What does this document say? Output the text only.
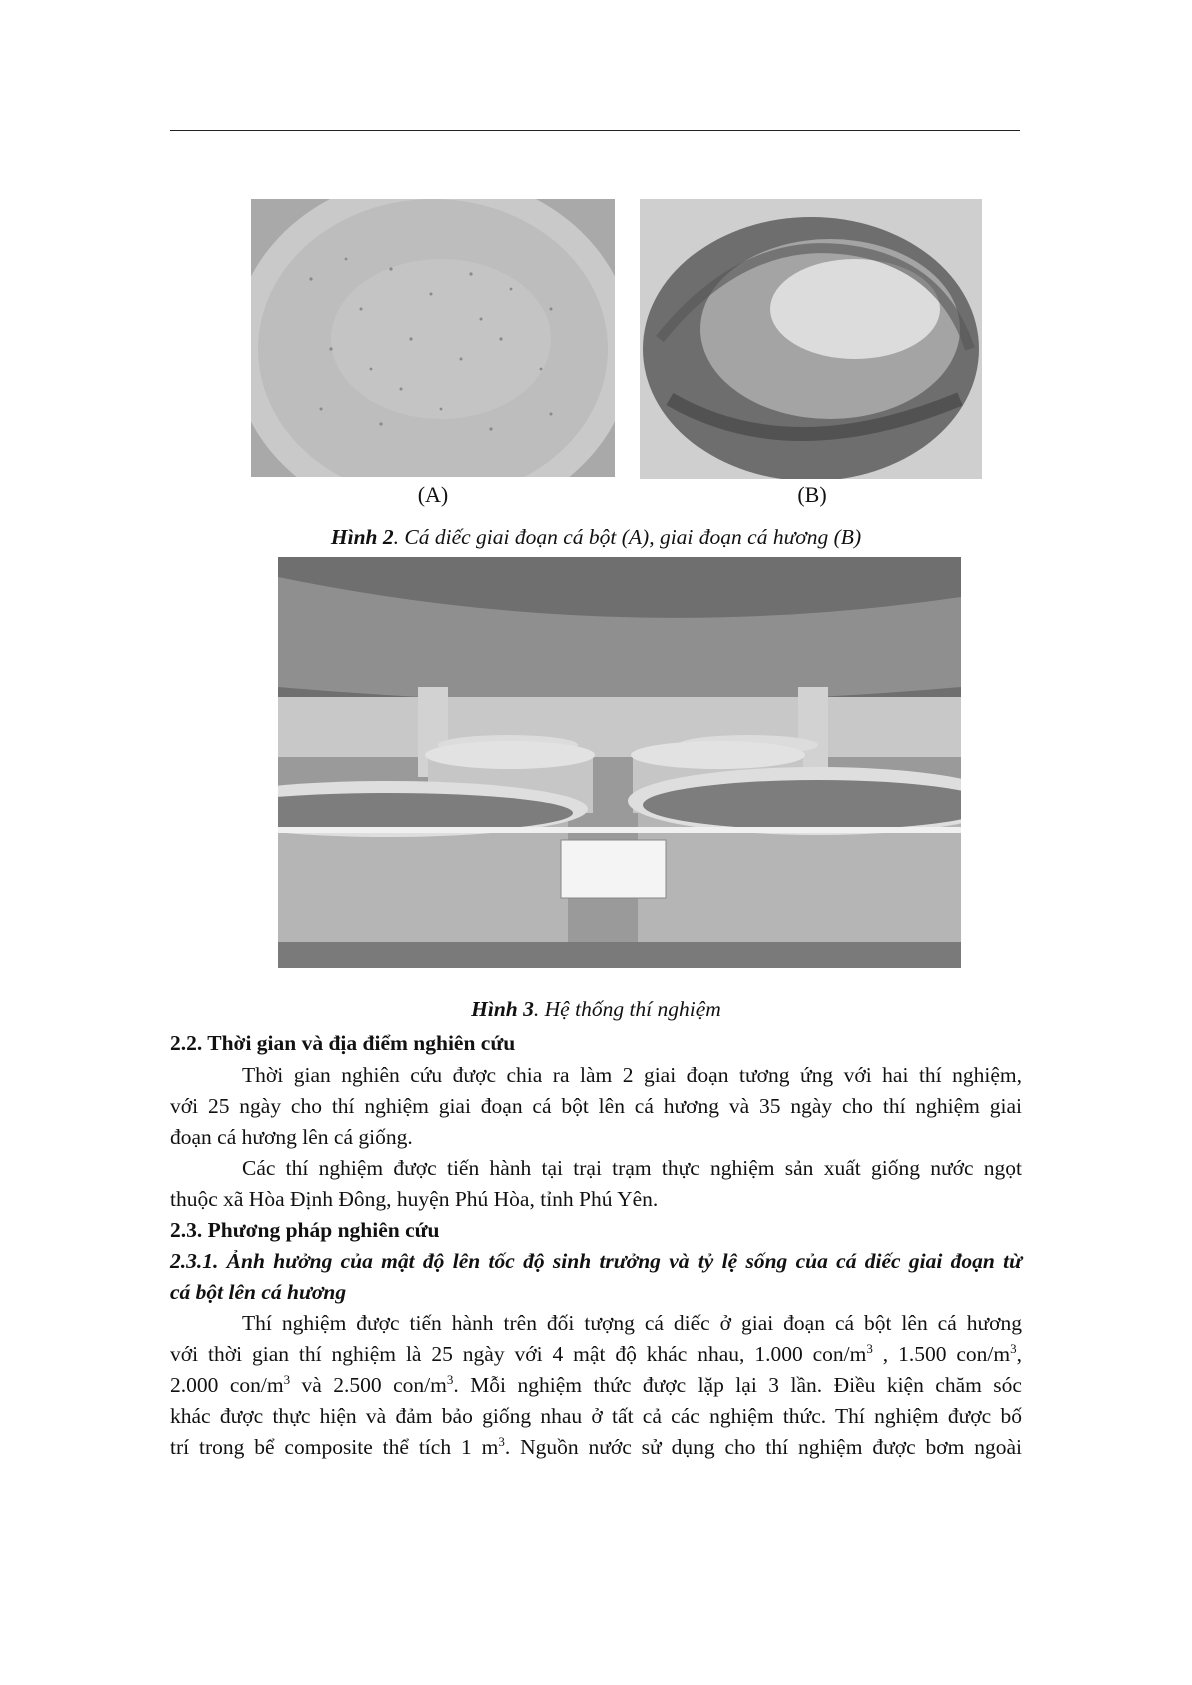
(A)	(B)
Hình 2. Cá diếc giai đoạn cá bột (A), giai đoạn cá hương (B)
Hình 3. Hệ thống thí nghiệm
2.2. Thời gian và địa điểm nghiên cứu
Thời gian nghiên cứu được chia ra làm 2 giai đoạn tương ứng với hai thí nghiệm,
với 25 ngày cho thí nghiệm giai đoạn cá bột lên cá hương và 35 ngày cho thí nghiệm giai
đoạn cá hương lên cá giống.
Các thí nghiệm được tiến hành tại trại trạm thực nghiệm sản xuất giống nước ngọt
thuộc xã Hòa Định Đông, huyện Phú Hòa, tỉnh Phú Yên.
2.3. Phương pháp nghiên cứu
2.3.1. Ảnh hưởng của mật độ lên tốc độ sinh trưởng và tỷ lệ sống của cá diếc giai đoạn từ
cá bột lên cá hương
Thí nghiệm được tiến hành trên đối tượng cá diếc ở giai đoạn cá bột lên cá hương
với thời gian thí nghiệm là 25 ngày với 4 mật độ khác nhau, 1.000 con/$m^3$ , 1.500 con/$m^3$,
2.000 con/$m^3$ và 2.500 con/$m^3$. Mỗi nghiệm thức được lặp lại 3 lần. Điều kiện chăm sóc
khác được thực hiện và đảm bảo giống nhau ở tất cả các nghiệm thức. Thí nghiệm được bố
trí trong bể composite thể tích 1 $m^3$. Nguồn nước sử dụng cho thí nghiệm được bơm ngoài
